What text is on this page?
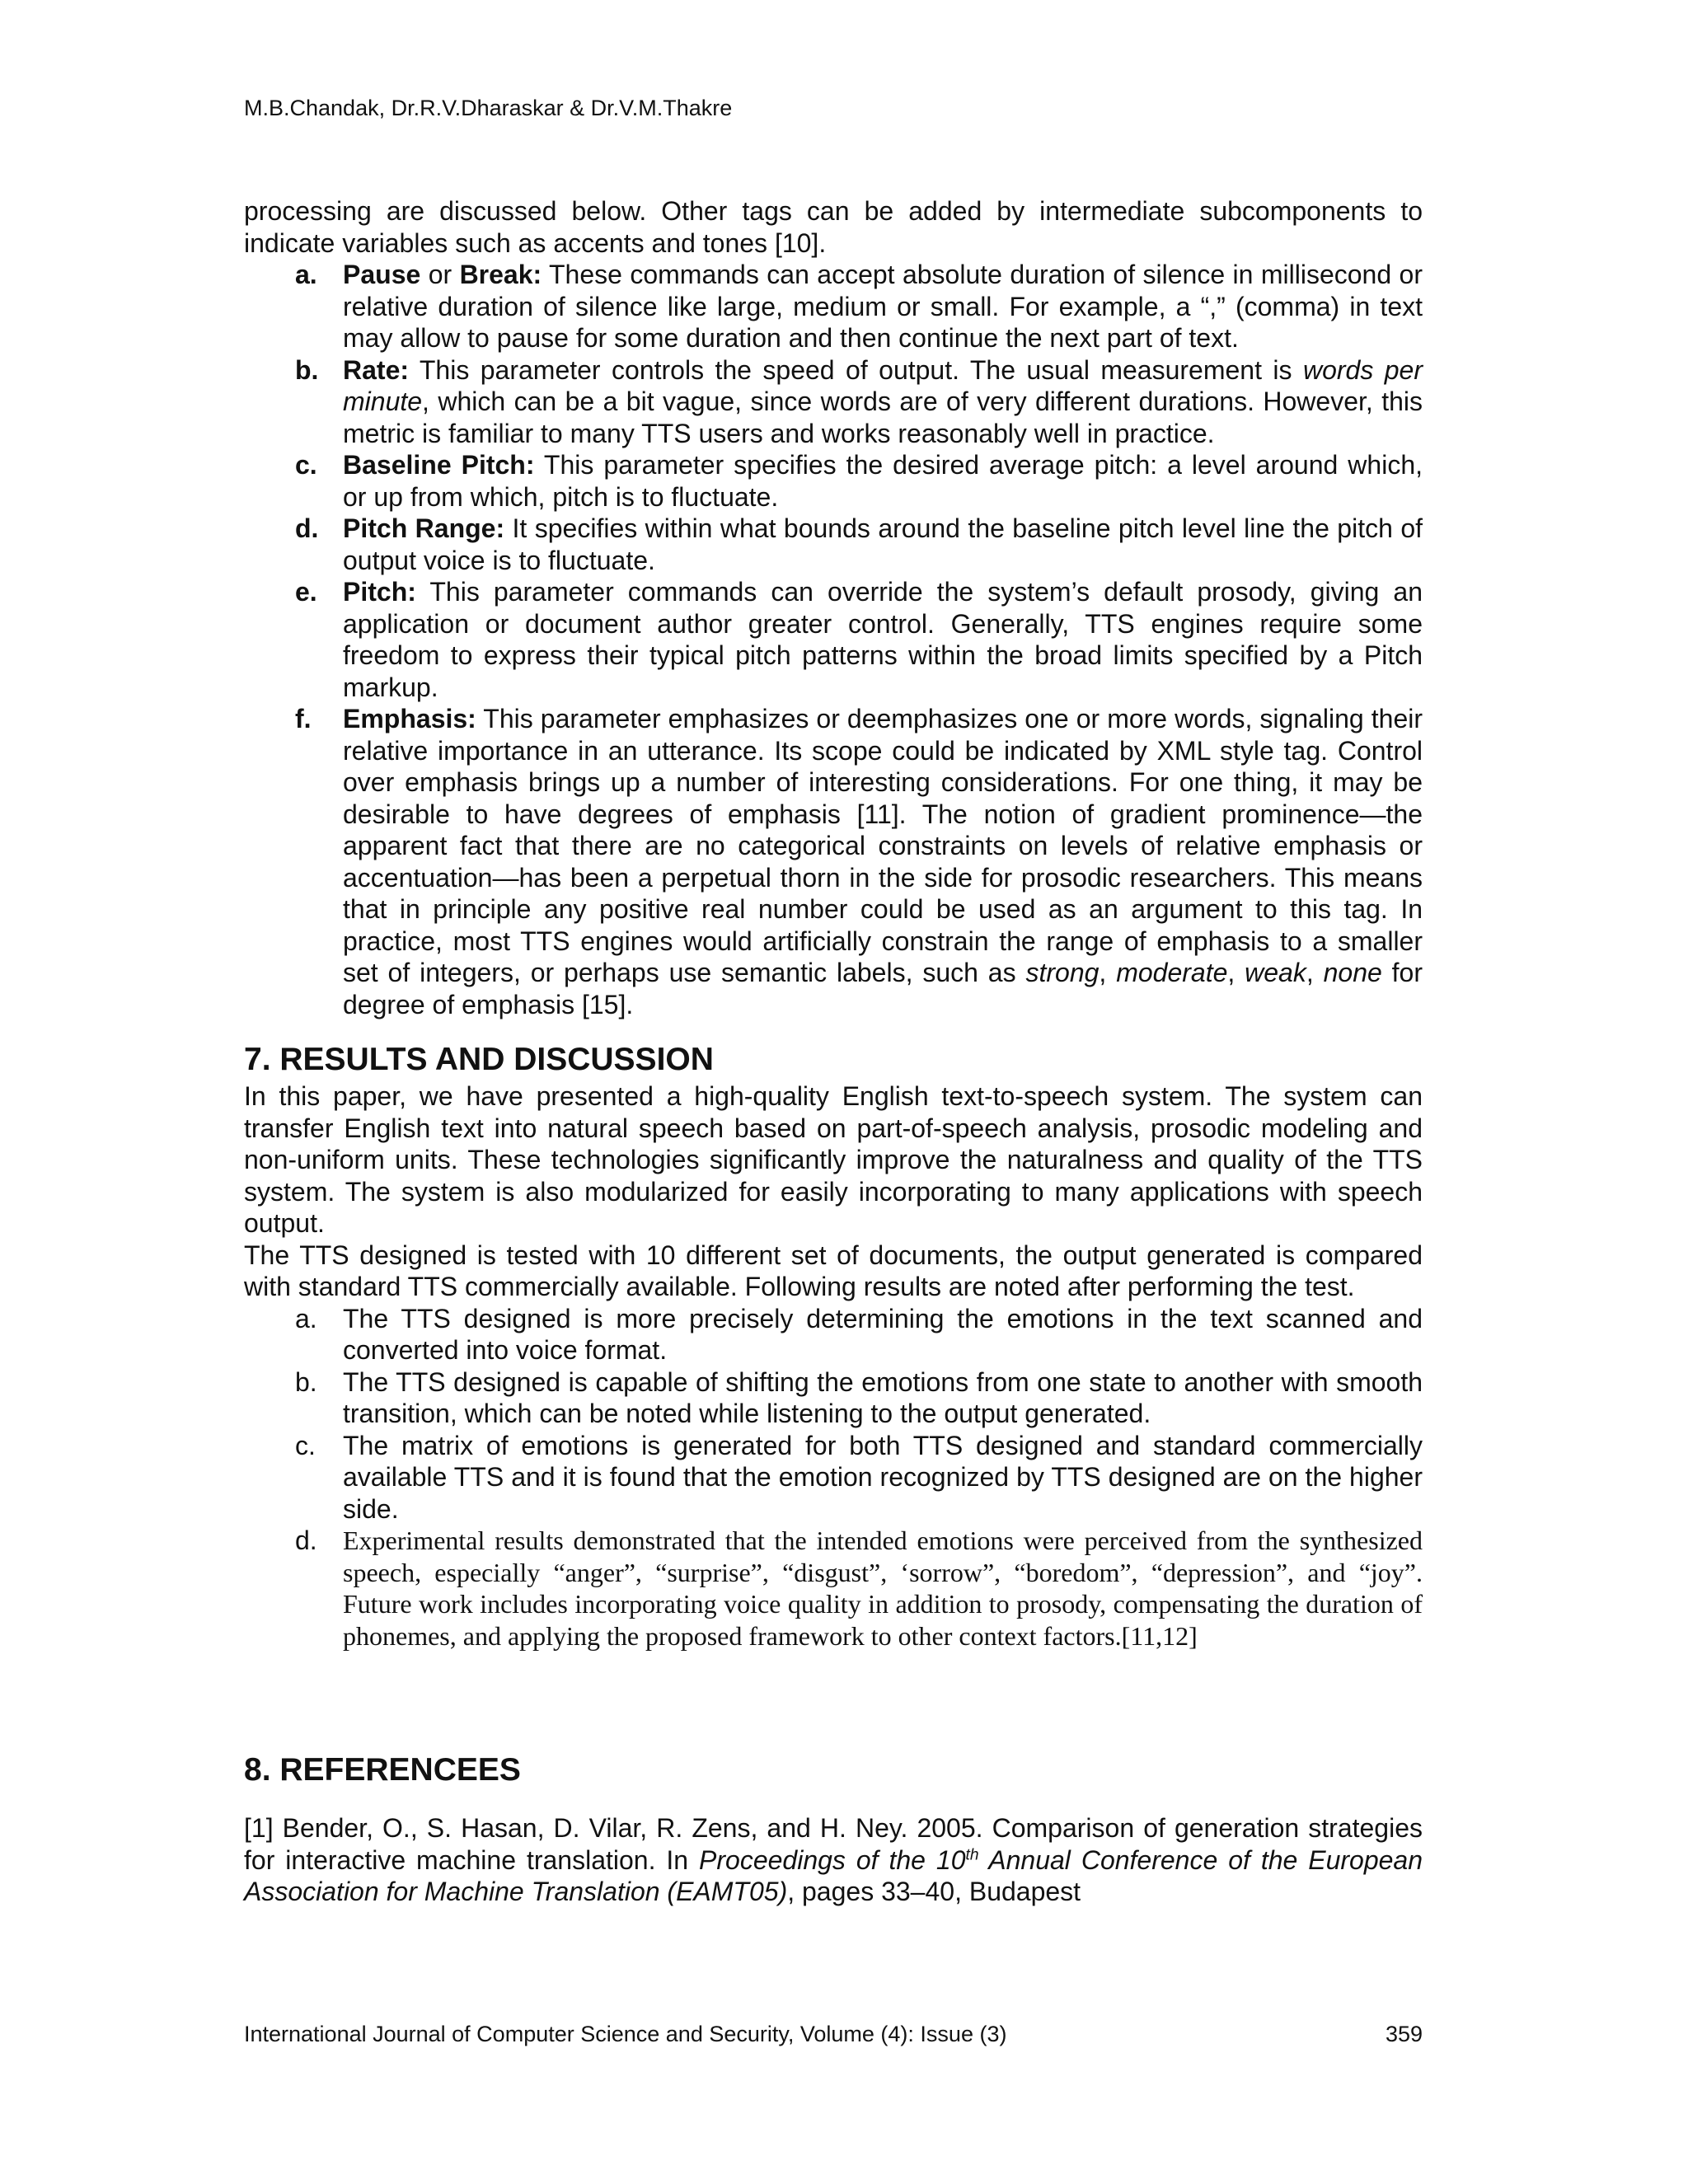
M.B.Chandak, Dr.R.V.Dharaskar & Dr.V.M.Thakre

processing are discussed below. Other tags can be added by intermediate subcomponents to indicate variables such as accents and tones [10].

a. Pause or Break: These commands can accept absolute duration of silence in millisecond or relative duration of silence like large, medium or small. For example, a “,” (comma) in text may allow to pause for some duration and then continue the next part of text.
b. Rate: This parameter controls the speed of output. The usual measurement is words per minute, which can be a bit vague, since words are of very different durations. However, this metric is familiar to many TTS users and works reasonably well in practice.
c. Baseline Pitch: This parameter specifies the desired average pitch: a level around which, or up from which, pitch is to fluctuate.
d. Pitch Range: It specifies within what bounds around the baseline pitch level line the pitch of output voice is to fluctuate.
e. Pitch: This parameter commands can override the system’s default prosody, giving an application or document author greater control. Generally, TTS engines require some freedom to express their typical pitch patterns within the broad limits specified by a Pitch markup.
f. Emphasis: This parameter emphasizes or deemphasizes one or more words, signaling their relative importance in an utterance. Its scope could be indicated by XML style tag. Control over emphasis brings up a number of interesting considerations. For one thing, it may be desirable to have degrees of emphasis [11]. The notion of gradient prominence—the apparent fact that there are no categorical constraints on levels of relative emphasis or accentuation—has been a perpetual thorn in the side for prosodic researchers. This means that in principle any positive real number could be used as an argument to this tag. In practice, most TTS engines would artificially constrain the range of emphasis to a smaller set of integers, or perhaps use semantic labels, such as strong, moderate, weak, none for degree of emphasis [15].
7. RESULTS AND DISCUSSION

In this paper, we have presented a high-quality English text-to-speech system. The system can transfer English text into natural speech based on part-of-speech analysis, prosodic modeling and non-uniform units. These technologies significantly improve the naturalness and quality of the TTS system. The system is also modularized for easily incorporating to many applications with speech output.

The TTS designed is tested with 10 different set of documents, the output generated is compared with standard TTS commercially available. Following results are noted after performing the test.

a. The TTS designed is more precisely determining the emotions in the text scanned and converted into voice format.
b. The TTS designed is capable of shifting the emotions from one state to another with smooth transition, which can be noted while listening to the output generated.
c. The matrix of emotions is generated for both TTS designed and standard commercially available TTS and it is found that the emotion recognized by TTS designed are on the higher side.
d. Experimental results demonstrated that the intended emotions were perceived from the synthesized speech, especially “anger”, “surprise”, “disgust”, ‘sorrow”, “boredom”, “depression”, and “joy”. Future work includes incorporating voice quality in addition to prosody, compensating the duration of phonemes, and applying the proposed framework to other context factors.[11,12]
8. REFERENCEES

[1] Bender, O., S. Hasan, D. Vilar, R. Zens, and H. Ney. 2005. Comparison of generation strategies for interactive machine translation. In Proceedings of the 10th Annual Conference of the European Association for Machine Translation (EAMT05), pages 33–40, Budapest

International Journal of Computer Science and Security, Volume (4): Issue (3)	359
